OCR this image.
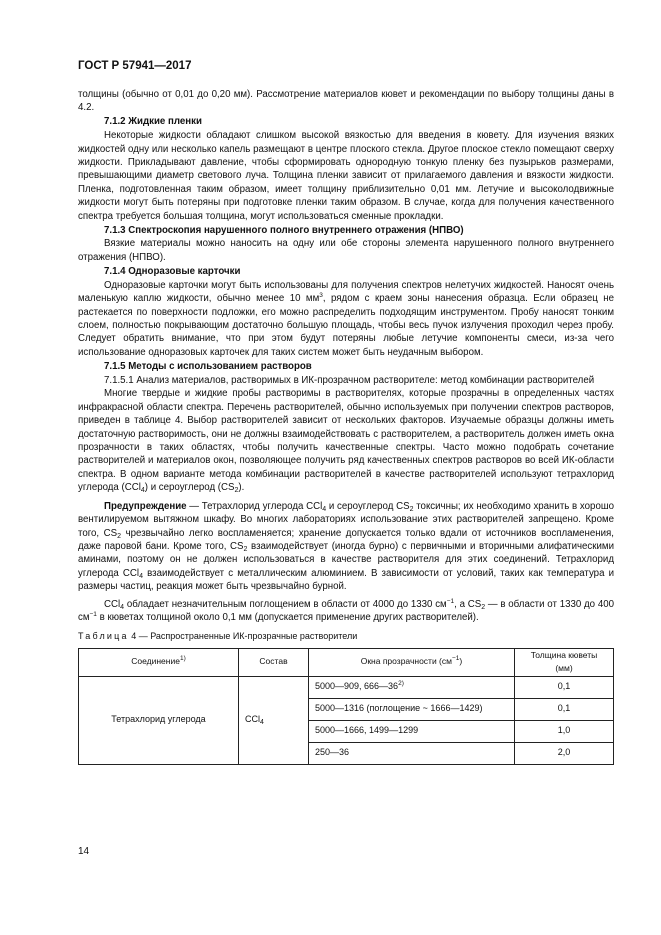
ГОСТ Р 57941—2017

толщины (обычно от 0,01 до 0,20 мм). Рассмотрение материалов кювет и рекомендации по выбору толщины даны в 4.2.

7.1.2 Жидкие пленки

Некоторые жидкости обладают слишком высокой вязкостью для введения в кювету. Для изучения вязких жидкостей одну или несколько капель размещают в центре плоского стекла. Другое плоское стекло помещают сверху жидкости. Прикладывают давление, чтобы сформировать однородную тонкую пленку без пузырьков размерами, превышающими диаметр светового луча. Толщина пленки зависит от прилагаемого давления и вязкости жидкости. Пленка, подготовленная таким образом, имеет толщину приблизительно 0,01 мм. Летучие и высоколодвижные жидкости могут быть потеряны при подготовке пленки таким образом. В случае, когда для получения качественного спектра требуется большая толщина, могут использоваться сменные прокладки.

7.1.3 Спектроскопия нарушенного полного внутреннего отражения (НПВО)

Вязкие материалы можно наносить на одну или обе стороны элемента нарушенного полного внутреннего отражения (НПВО).

7.1.4 Одноразовые карточки

Одноразовые карточки могут быть использованы для получения спектров нелетучих жидкостей. Наносят очень маленькую каплю жидкости, обычно менее 10 $мм^3$, рядом с краем зоны нанесения образца. Если образец не растекается по поверхности подложки, его можно распределить подходящим инструментом. Пробу наносят тонким слоем, полностью покрывающим достаточно большую площадь, чтобы весь пучок излучения проходил через пробу. Следует обратить внимание, что при этом будут потеряны любые летучие компоненты смеси, из-за чего использование одноразовых карточек для таких систем может быть неудачным выбором.

7.1.5 Методы с использованием растворов

7.1.5.1 Анализ материалов, растворимых в ИК-прозрачном растворителе: метод комбинации растворителей

Многие твердые и жидкие пробы растворимы в растворителях, которые прозрачны в определенных частях инфракрасной области спектра. Перечень растворителей, обычно используемых при получении спектров растворов, приведен в таблице 4. Выбор растворителей зависит от нескольких факторов. Изучаемые образцы должны иметь достаточную растворимость, они не должны взаимодействовать с растворителем, а растворитель должен иметь окна прозрачности в таких областях, чтобы получить качественные спектры. Часто можно подобрать сочетание растворителей и материалов окон, позволяющее получить ряд качественных спектров растворов во всей ИК-области спектра. В одном варианте метода комбинации растворителей в качестве растворителей используют тетрахлорид углерода (CCl$_4$) и сероуглерод $(CS_2)$.

Предупреждение — Тетрахлорид углерода CCl$_4$ и сероуглерод $CS_2$ токсичны; их необходимо хранить в хорошо вентилируемом вытяжном шкафу. Во многих лабораториях использование этих растворителей запрещено. Кроме того, $CS_2$ чрезвычайно легко воспламеняется; хранение допускается только вдали от источников воспламенения, даже паровой бани. Кроме того, $CS_2$ взаимодействует (иногда бурно) с первичными и вторичными алифатическими аминами, поэтому он не должен использоваться в качестве растворителя для этих соединений. Тетрахлорид углерода CCl$_4$ взаимодействует с металлическим алюминием. В зависимости от условий, таких как температура и размеры частиц, реакция может быть чрезвычайно бурной.

CCl$_4$ обладает незначительным поглощением в области от 4000 до 1330 $см^{-1}$, а $CS_2$ — в области от 1330 до 400 $см^{-1}$ в кюветах толщиной около 0,1 мм (допускается применение других растворителей).

Таблица 4 — Распространенные ИК-прозрачные растворители
Соединение$^{1)}$	Состав	Окна прозрачности $(см^{-1})$	Толщина кюветы (мм)
Тетрахлорид углерода	CCl$_4$	5000—909, 666—36$^{2)}$	0,1
		5000—1316 (поглощение ~ 1666—1429)	0,1
		5000—1666, 1499—1299	1,0
		250—36	2,0
14
